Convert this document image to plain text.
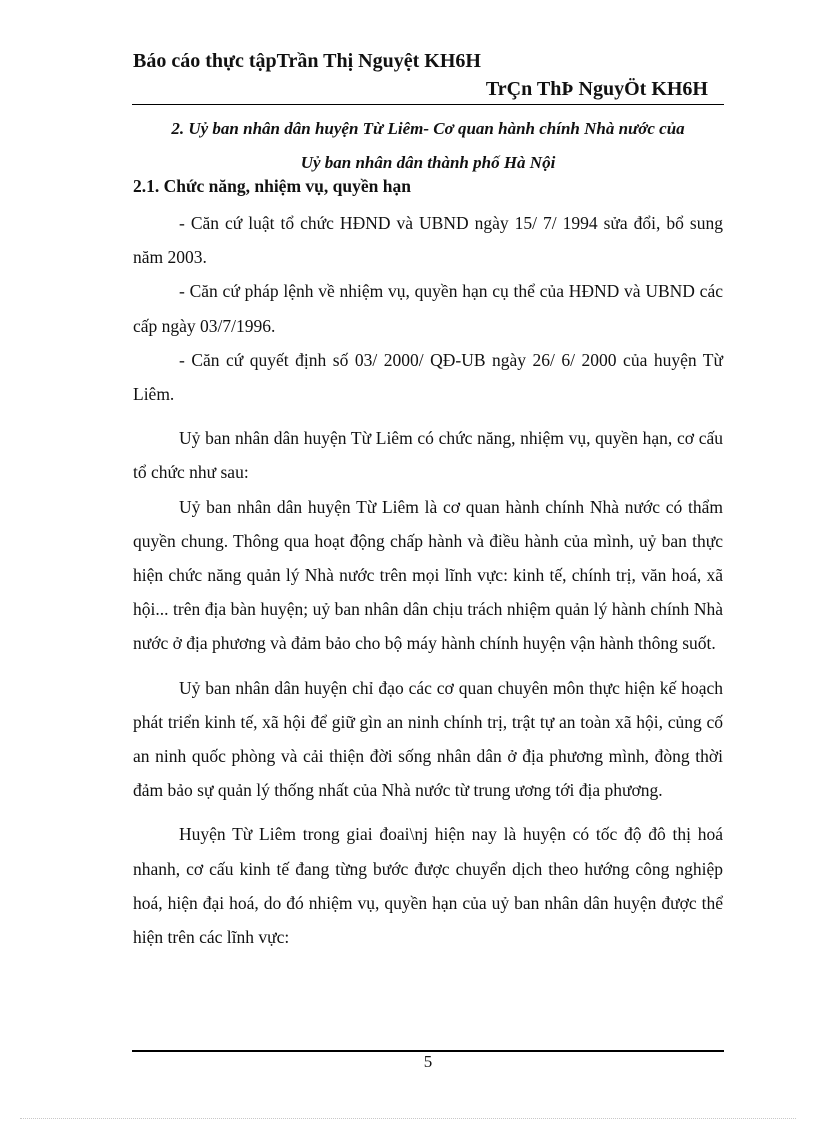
Báo cáo thực tậpTrần Thị Nguyệt KH6H
TrÇn ThÞ NguyÖt KH6H
2. Uỷ ban nhân dân huyện Từ Liêm- Cơ quan hành chính Nhà nước của
Uỷ ban nhân dân thành phố Hà Nội
2.1. Chức năng, nhiệm vụ, quyền hạn

- Căn cứ luật tổ chức HĐND và UBND ngày 15/ 7/ 1994 sửa đổi, bổ sung năm 2003.

- Căn cứ pháp lệnh về nhiệm vụ, quyền hạn cụ thể của HĐND và UBND các cấp ngày 03/7/1996.

- Căn cứ quyết định số 03/ 2000/ QĐ-UB ngày 26/ 6/ 2000 của huyện Từ Liêm.

Uỷ ban nhân dân huyện Từ Liêm có chức năng, nhiệm vụ, quyền hạn, cơ cấu tổ chức như sau:

Uỷ ban nhân dân huyện Từ Liêm là cơ quan hành chính Nhà nước có thẩm quyền chung. Thông qua hoạt động chấp hành và điều hành của mình, uỷ ban thực hiện chức năng quản lý Nhà nước trên mọi lĩnh vực: kinh tế, chính trị, văn hoá, xã hội... trên địa bàn huyện; uỷ ban nhân dân chịu trách nhiệm quản lý hành chính Nhà nước ở địa phương và đảm bảo cho bộ máy hành chính huyện vận hành thông suốt.

Uỷ ban nhân dân huyện chỉ đạo các cơ quan chuyên môn thực hiện kế hoạch phát triển kinh tế, xã hội để giữ gìn an ninh chính trị, trật tự an toàn xã hội, củng cố an ninh quốc phòng và cải thiện đời sống nhân dân ở địa phương mình, đòng thời đảm bảo sự quản lý thống nhất của Nhà nước từ trung ương tới địa phương.

Huyện Từ Liêm trong giai đoai\nj hiện nay là huyện có tốc độ đô thị hoá nhanh, cơ cấu kinh tế đang từng bước được chuyển dịch theo hướng công nghiệp hoá, hiện đại hoá, do đó nhiệm vụ, quyền hạn của uỷ ban nhân dân huyện được thể hiện trên các lĩnh vực:

5
